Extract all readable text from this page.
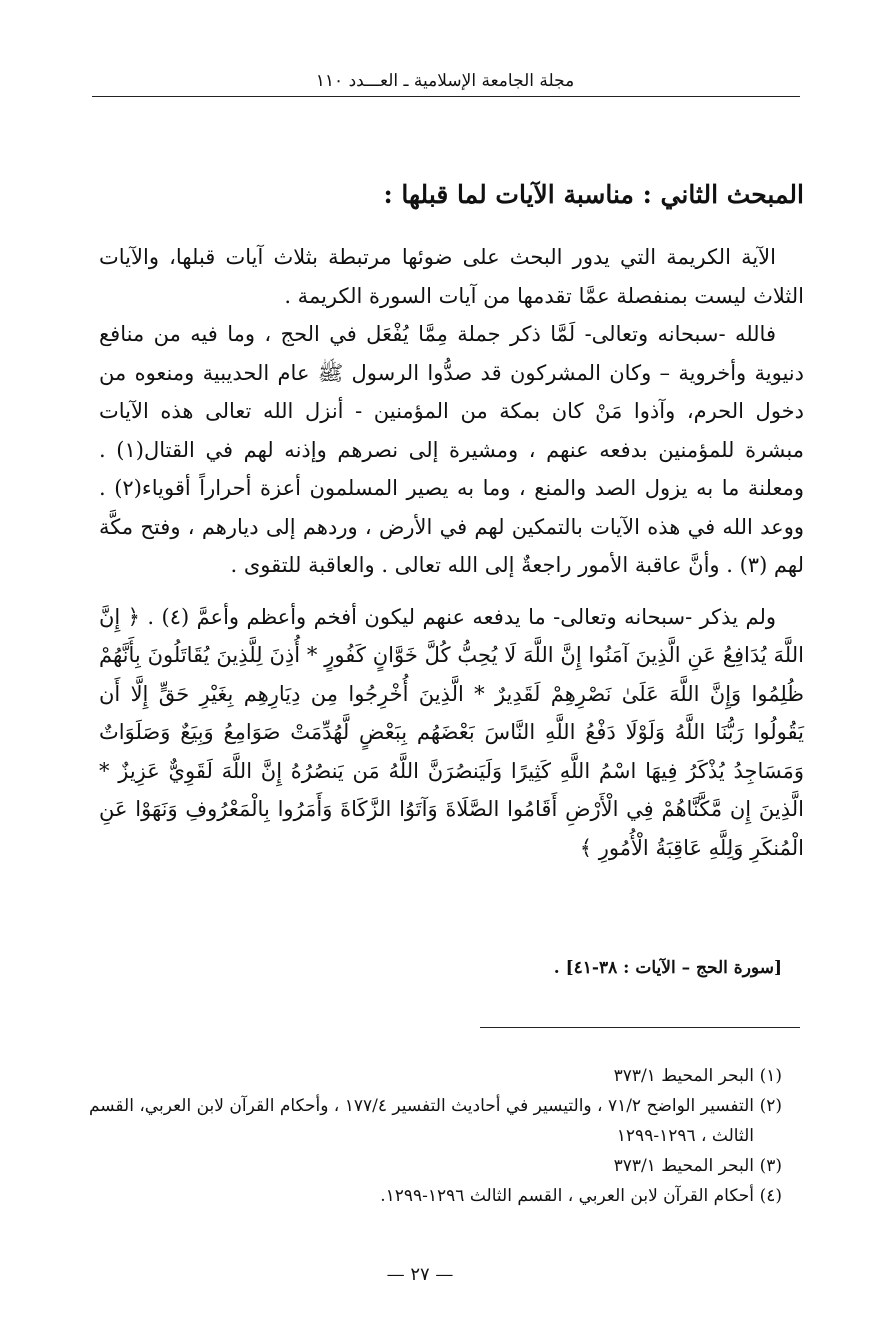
مجلة الجامعة الإسلامية ـ العـــدد ١١٠
المبحث الثاني : مناسبة الآيات لما قبلها :

الآية الكريمة التي يدور البحث على ضوئها مرتبطة بثلاث آيات قبلها، والآيات الثلاث ليست بمنفصلة عمَّا تقدمها من آيات السورة الكريمة .

فالله -سبحانه وتعالى- لَمَّا ذكر جملة مِمَّا يُفْعَل في الحج ، وما فيه من منافع دنيوية وأخروية – وكان المشركون قد صدُّوا الرسول ﷺ عام الحديبية ومنعوه من دخول الحرم، وآذوا مَنْ كان بمكة من المؤمنين - أنزل الله تعالى هذه الآيات مبشرة للمؤمنين بدفعه عنهم ، ومشيرة إلى نصرهم وإذنه لهم في القتال(١) . ومعلنة ما به يزول الصد والمنع ، وما به يصير المسلمون أعزة أحراراً أقوياء(٢) . ووعد الله في هذه الآيات بالتمكين لهم في الأرض ، وردهم إلى ديارهم ، وفتح مكَّة لهم (٣) . وأنَّ عاقبة الأمور راجعةٌ إلى الله تعالى . والعاقبة للتقوى .

ولم يذكر -سبحانه وتعالى- ما يدفعه عنهم ليكون أفخم وأعظم وأعمَّ (٤) . ﴿ إِنَّ اللَّهَ يُدَافِعُ عَنِ الَّذِينَ آمَنُوا إِنَّ اللَّهَ لَا يُحِبُّ كُلَّ خَوَّانٍ كَفُورٍ * أُذِنَ لِلَّذِينَ يُقَاتَلُونَ بِأَنَّهُمْ ظُلِمُوا وَإِنَّ اللَّهَ عَلَىٰ نَصْرِهِمْ لَقَدِيرٌ * الَّذِينَ أُخْرِجُوا مِن دِيَارِهِم بِغَيْرِ حَقٍّ إِلَّا أَن يَقُولُوا رَبُّنَا اللَّهُ وَلَوْلَا دَفْعُ اللَّهِ النَّاسَ بَعْضَهُم بِبَعْضٍ لَّهُدِّمَتْ صَوَامِعُ وَبِيَعٌ وَصَلَوَاتٌ وَمَسَاجِدُ يُذْكَرُ فِيهَا اسْمُ اللَّهِ كَثِيرًا وَلَيَنصُرَنَّ اللَّهُ مَن يَنصُرُهُ إِنَّ اللَّهَ لَقَوِيٌّ عَزِيزٌ * الَّذِينَ إِن مَّكَّنَّاهُمْ فِي الْأَرْضِ أَقَامُوا الصَّلَاةَ وَآتَوُا الزَّكَاةَ وَأَمَرُوا بِالْمَعْرُوفِ وَنَهَوْا عَنِ الْمُنكَرِ وَلِلَّهِ عَاقِبَةُ الْأُمُورِ ﴾

[سورة الحج – الآيات : ٣٨-٤١] .

(١)
البحر المحيط ٣٧٣/١

(٢)
التفسير الواضح ٧١/٢ ، والتيسير في أحاديث التفسير ١٧٧/٤ ، وأحكام القرآن لابن العربي، القسم الثالث ، ١٢٩٦-١٢٩٩

(٣)
البحر المحيط ٣٧٣/١

(٤)
أحكام القرآن لابن العربي ، القسم الثالث ١٢٩٦-١٢٩٩.

— ٢٧ —
